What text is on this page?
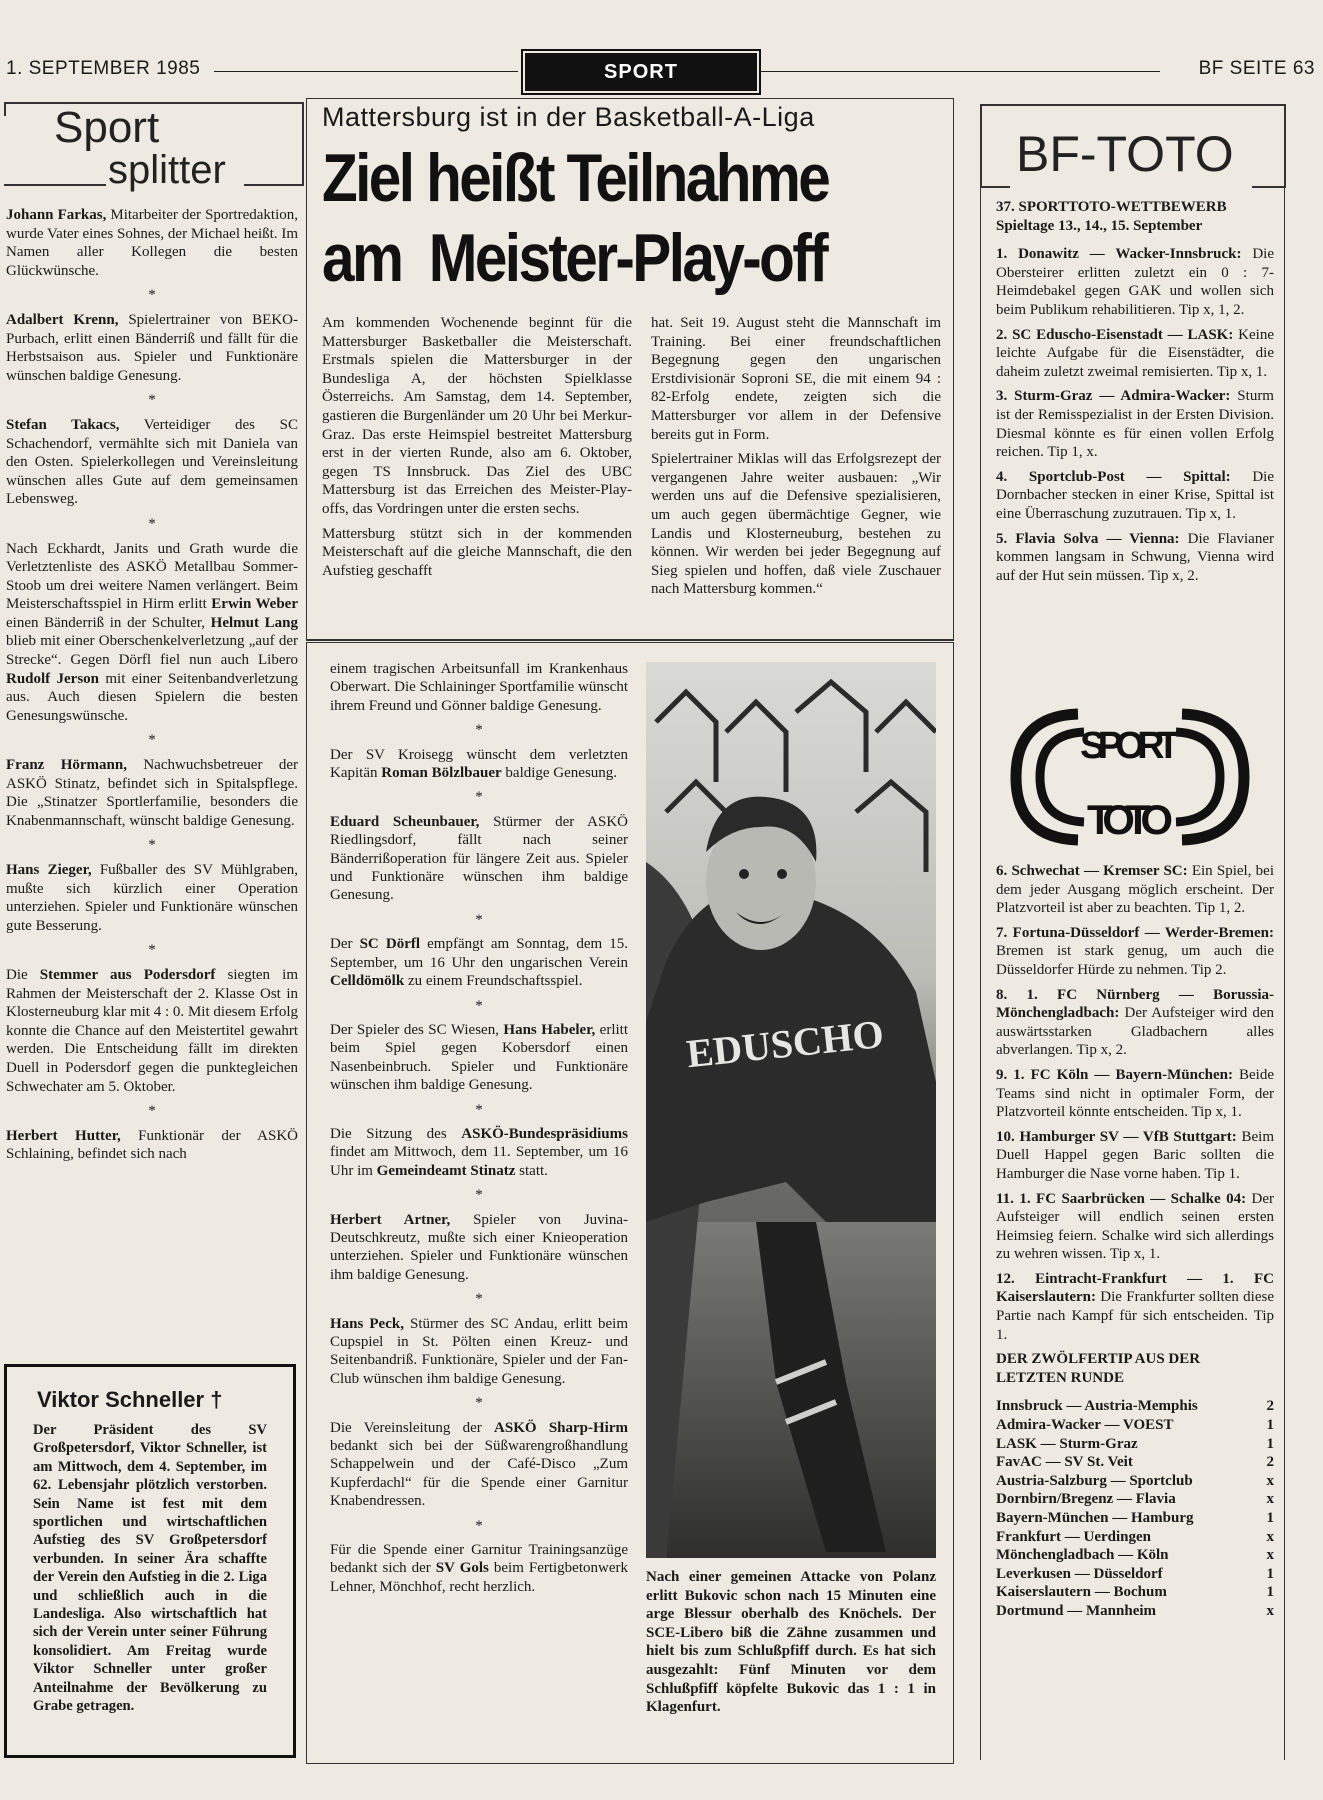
1. SEPTEMBER 1985	SPORT	BF SEITE 63
Sport
splitter

Johann Farkas, Mitarbeiter der Sportredaktion, wurde Vater eines Sohnes, der Michael heißt. Im Namen aller Kollegen die besten Glückwünsche.

*

Adalbert Krenn, Spielertrainer von BEKO-Purbach, erlitt einen Bänderriß und fällt für die Herbstsaison aus. Spieler und Funktionäre wünschen baldige Genesung.

*

Stefan Takacs, Verteidiger des SC Schachendorf, vermählte sich mit Daniela van den Osten. Spielerkollegen und Vereinsleitung wünschen alles Gute auf dem gemeinsamen Lebensweg.

*

Nach Eckhardt, Janits und Grath wurde die Verletztenliste des ASKÖ Metallbau Sommer-Stoob um drei weitere Namen verlängert. Beim Meisterschaftsspiel in Hirm erlitt Erwin Weber einen Bänderriß in der Schulter, Helmut Lang blieb mit einer Oberschenkelverletzung „auf der Strecke“. Gegen Dörfl fiel nun auch Libero Rudolf Jerson mit einer Seitenbandverletzung aus. Auch diesen Spielern die besten Genesungswünsche.

*

Franz Hörmann, Nachwuchsbetreuer der ASKÖ Stinatz, befindet sich in Spitalspflege. Die „Stinatzer Sportlerfamilie, besonders die Knabenmannschaft, wünscht baldige Genesung.

*

Hans Zieger, Fußballer des SV Mühlgraben, mußte sich kürzlich einer Operation unterziehen. Spieler und Funktionäre wünschen gute Besserung.

*

Die Stemmer aus Podersdorf siegten im Rahmen der Meisterschaft der 2. Klasse Ost in Klosterneuburg klar mit 4 : 0. Mit diesem Erfolg konnte die Chance auf den Meistertitel gewahrt werden. Die Entscheidung fällt im direkten Duell in Podersdorf gegen die punktegleichen Schwechater am 5. Oktober.

*

Herbert Hutter, Funktionär der ASKÖ Schlaining, befindet sich nach

Viktor Schneller †
Der Präsident des SV Großpetersdorf, Viktor Schneller, ist am Mittwoch, dem 4. September, im 62. Lebensjahr plötzlich verstorben. Sein Name ist fest mit dem sportlichen und wirtschaftlichen Aufstieg des SV Großpetersdorf verbunden. In seiner Ära schaffte der Verein den Aufstieg in die 2. Liga und schließlich auch in die Landesliga. Also wirtschaftlich hat sich der Verein unter seiner Führung konsolidiert. Am Freitag wurde Viktor Schneller unter großer Anteilnahme der Bevölkerung zu Grabe getragen.
Mattersburg ist in der Basketball-A-Liga
Ziel heißt Teilnahme
am  Meister-Play-off

Am kommenden Wochenende beginnt für die Mattersburger Basketballer die Meisterschaft. Erstmals spielen die Mattersburger in der Bundesliga A, der höchsten Spielklasse Österreichs. Am Samstag, dem 14. September, gastieren die Burgenländer um 20 Uhr bei Merkur-Graz. Das erste Heimspiel bestreitet Mattersburg erst in der vierten Runde, also am 6. Oktober, gegen TS Innsbruck. Das Ziel des UBC Mattersburg ist das Erreichen des Meister-Play-offs, das Vordringen unter die ersten sechs.

Mattersburg stützt sich in der kommenden Meisterschaft auf die gleiche Mannschaft, die den Aufstieg geschafft

hat. Seit 19. August steht die Mannschaft im Training. Bei einer freundschaftlichen Begegnung gegen den ungarischen Erstdivisionär Soproni SE, die mit einem 94 : 82-Erfolg endete, zeigten sich die Mattersburger vor allem in der Defensive bereits gut in Form.

Spielertrainer Miklas will das Erfolgsrezept der vergangenen Jahre weiter ausbauen: „Wir werden uns auf die Defensive spezialisieren, um auch gegen übermächtige Gegner, wie Landis und Klosterneuburg, bestehen zu können. Wir werden bei jeder Begegnung auf Sieg spielen und hoffen, daß viele Zuschauer nach Mattersburg kommen.“

einem tragischen Arbeitsunfall im Krankenhaus Oberwart. Die Schlaininger Sportfamilie wünscht ihrem Freund und Gönner baldige Genesung.

*

Der SV Kroisegg wünscht dem verletzten Kapitän Roman Bölzlbauer baldige Genesung.

*

Eduard Scheunbauer, Stürmer der ASKÖ Riedlingsdorf, fällt nach seiner Bänderrißoperation für längere Zeit aus. Spieler und Funktionäre wünschen ihm baldige Genesung.

*

Der SC Dörfl empfängt am Sonntag, dem 15. September, um 16 Uhr den ungarischen Verein Celldömölk zu einem Freundschaftsspiel.

*

Der Spieler des SC Wiesen, Hans Habeler, erlitt beim Spiel gegen Kobersdorf einen Nasenbeinbruch. Spieler und Funktionäre wünschen ihm baldige Genesung.

*

Die Sitzung des ASKÖ-Bundespräsidiums findet am Mittwoch, dem 11. September, um 16 Uhr im Gemeindeamt Stinatz statt.

*

Herbert Artner, Spieler von Juvina-Deutschkreutz, mußte sich einer Knieoperation unterziehen. Spieler und Funktionäre wünschen ihm baldige Genesung.

*

Hans Peck, Stürmer des SC Andau, erlitt beim Cupspiel in St. Pölten einen Kreuz- und Seitenbandriß. Funktionäre, Spieler und der Fan-Club wünschen ihm baldige Genesung.

*

Die Vereinsleitung der ASKÖ Sharp-Hirm bedankt sich bei der Süßwarengroßhandlung Schappelwein und der Café-Disco „Zum Kupferdachl“ für die Spende einer Garnitur Knabendressen.

*

Für die Spende einer Garnitur Trainingsanzüge bedankt sich der SV Gols beim Fertigbetonwerk Lehner, Mönchhof, recht herzlich.

EDUSCHO
Nach einer gemeinen Attacke von Polanz erlitt Bukovic schon nach 15 Minuten eine arge Blessur oberhalb des Knöchels. Der SCE-Libero biß die Zähne zusammen und hielt bis zum Schlußpfiff durch. Es hat sich ausgezahlt: Fünf Minuten vor dem Schlußpfiff köpfelte Bukovic das 1 : 1 in Klagenfurt.
BF-TOTO
37. SPORTTOTO-WETTBEWERB
Spieltage 13., 14., 15. September

1. Donawitz — Wacker-Innsbruck: Die Obersteirer erlitten zuletzt ein 0 : 7-Heimdebakel gegen GAK und wollen sich beim Publikum rehabilitieren. Tip x, 1, 2.

2. SC Eduscho-Eisenstadt — LASK: Keine leichte Aufgabe für die Eisenstädter, die daheim zuletzt zweimal remisierten. Tip x, 1.

3. Sturm-Graz — Admira-Wacker: Sturm ist der Remisspezialist in der Ersten Division. Diesmal könnte es für einen vollen Erfolg reichen. Tip 1, x.

4. Sportclub-Post — Spittal: Die Dornbacher stecken in einer Krise, Spittal ist eine Überraschung zuzutrauen. Tip x, 1.

5. Flavia Solva — Vienna: Die Flavianer kommen langsam in Schwung, Vienna wird auf der Hut sein müssen. Tip x, 2.

SPORT
TOTO

6. Schwechat — Kremser SC: Ein Spiel, bei dem jeder Ausgang möglich erscheint. Der Platzvorteil ist aber zu beachten. Tip 1, 2.

7. Fortuna-Düsseldorf — Werder-Bremen: Bremen ist stark genug, um auch die Düsseldorfer Hürde zu nehmen. Tip 2.

8. 1. FC Nürnberg — Borussia-Mönchengladbach: Der Aufsteiger wird den auswärtsstarken Gladbachern alles abverlangen. Tip x, 2.

9. 1. FC Köln — Bayern-München: Beide Teams sind nicht in optimaler Form, der Platzvorteil könnte entscheiden. Tip x, 1.

10. Hamburger SV — VfB Stuttgart: Beim Duell Happel gegen Baric sollten die Hamburger die Nase vorne haben. Tip 1.

11. 1. FC Saarbrücken — Schalke 04: Der Aufsteiger will endlich seinen ersten Heimsieg feiern. Schalke wird sich allerdings zu wehren wissen. Tip x, 1.

12. Eintracht-Frankfurt — 1. FC Kaiserslautern: Die Frankfurter sollten diese Partie nach Kampf für sich entscheiden. Tip 1.

DER ZWÖLFERTIP AUS DER LETZTEN RUNDE
Innsbruck — Austria-Memphis	2
Admira-Wacker — VOEST	1
LASK — Sturm-Graz	1
FavAC — SV St. Veit	2
Austria-Salzburg — Sportclub	x
Dornbirn/Bregenz — Flavia	x
Bayern-München — Hamburg	1
Frankfurt — Uerdingen	x
Mönchengladbach — Köln	x
Leverkusen — Düsseldorf	1
Kaiserslautern — Bochum	1
Dortmund — Mannheim	x
